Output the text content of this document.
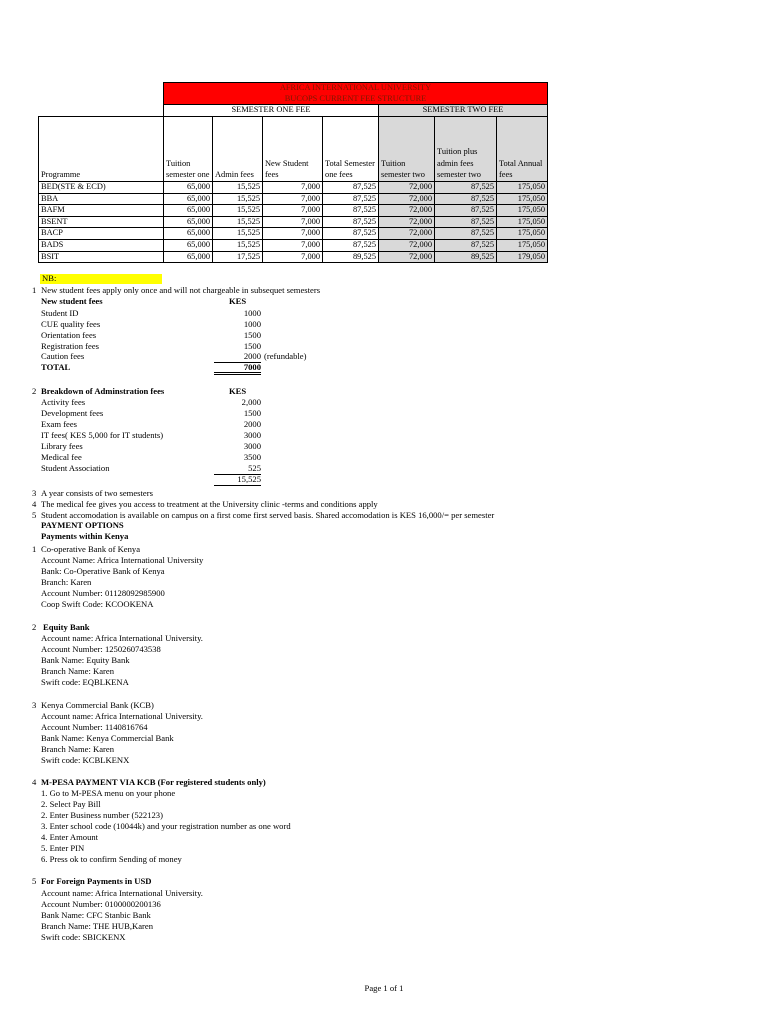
	AFRICA INTERNATIONAL UNIVERSITY
BUCOPS CURRENT FEE STRUCTURE						

	SEMESTER ONE FEE				SEMESTER TWO FEE		
Programme	Tuition semester one	Admin fees	New Student fees	Total Semester one fees	Tuition semester two	Tuition plus admin fees semester two	Total Annual fees
BED(STE & ECD)	65,000	15,525	7,000	87,525	72,000	87,525	175,050
BBA	65,000	15,525	7,000	87,525	72,000	87,525	175,050
BAFM	65,000	15,525	7,000	87,525	72,000	87,525	175,050
BSENT	65,000	15,525	7,000	87,525	72,000	87,525	175,050
BACP	65,000	15,525	7,000	87,525	72,000	87,525	175,050
BADS	65,000	15,525	7,000	87,525	72,000	87,525	175,050
BSIT	65,000	17,525	7,000	89,525	72,000	89,525	179,050
NB:
1 New student fees apply only once and will not chargeable in subsequet semesters
New student fees	KES
Student ID	1000
CUE quality fees	1000
Orientation fees	1500
Registration fees	1500
Caution fees	2000 (refundable)
TOTAL	7000
2 Breakdown of Adminstration fees	KES
Activity fees	2,000
Development fees	1500
Exam fees	2000
IT fees( KES 5,000 for IT students)	3000
Library fees	3000
Medical fee	3500
Student Association	525
15,525
3 A year consists of two semesters
4 The medical fee gives you access to treatment at the University clinic -terms and conditions apply
5 Student accomodation is available on campus on a first come first served basis. Shared accomodation is KES 16,000/= per semester
PAYMENT OPTIONS
Payments within Kenya
1 Co-operative Bank of Kenya
Account Name: Africa International University
Bank: Co-Operative Bank of Kenya
Branch: Karen
Account Number: 01128092985900
Coop Swift Code: KCOOKENA
2 Equity Bank
Account name: Africa International University.
Account Number: 1250260743538
Bank Name: Equity Bank
Branch Name: Karen
Swift code: EQBLKENA
3 Kenya Commercial Bank (KCB)
Account name: Africa International University.
Account Number: 1140816764
Bank Name: Kenya Commercial Bank
Branch Name: Karen
Swift code: KCBLKENX
4 M-PESA PAYMENT VIA KCB (For registered students only)
1. Go to M-PESA menu on your phone
2. Select Pay Bill
2. Enter Business number (522123)
3. Enter school code (10044k) and your registration number as one word
4. Enter Amount
5. Enter PIN
6. Press ok to confirm Sending of money
5 For Foreign Payments in USD
Account name: Africa International University.
Account Number: 0100000200136
Bank Name: CFC Stanbic Bank
Branch Name: THE HUB,Karen
Swift code: SBICKENX
Page 1 of 1
